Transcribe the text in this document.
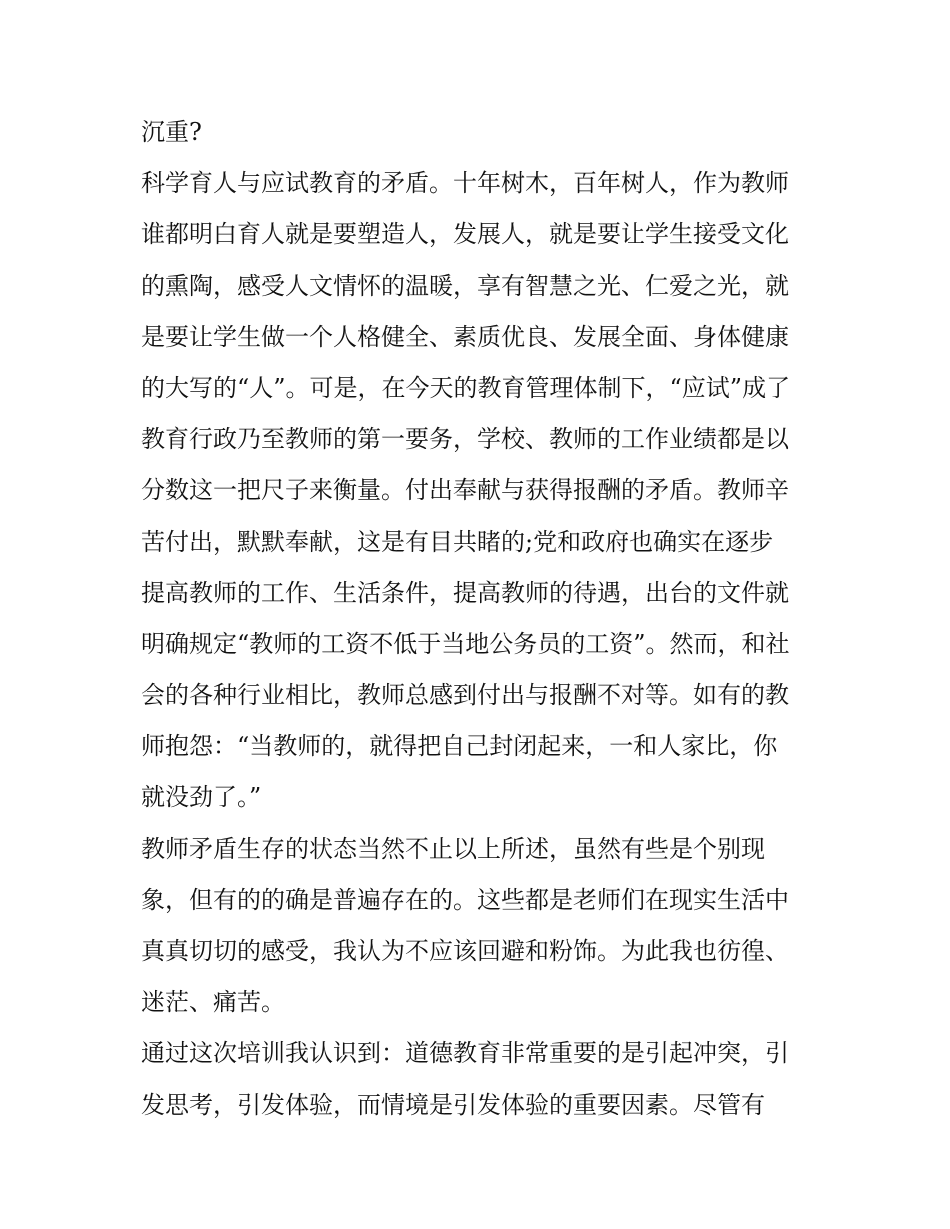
沉重?
科学育人与应试教育的矛盾。十年树木，百年树人，作为教师
谁都明白育人就是要塑造人，发展人，就是要让学生接受文化
的熏陶，感受人文情怀的温暖，享有智慧之光、仁爱之光，就
是要让学生做一个人格健全、素质优良、发展全面、身体健康
的大写的“人”。可是，在今天的教育管理体制下，“应试”成了
教育行政乃至教师的第一要务，学校、教师的工作业绩都是以
分数这一把尺子来衡量。付出奉献与获得报酬的矛盾。教师辛
苦付出，默默奉献，这是有目共睹的;党和政府也确实在逐步
提高教师的工作、生活条件，提高教师的待遇，出台的文件就
明确规定“教师的工资不低于当地公务员的工资”。然而，和社
会的各种行业相比，教师总感到付出与报酬不对等。如有的教
师抱怨：“当教师的，就得把自己封闭起来，一和人家比，你
就没劲了。”
教师矛盾生存的状态当然不止以上所述，虽然有些是个别现
象，但有的的确是普遍存在的。这些都是老师们在现实生活中
真真切切的感受，我认为不应该回避和粉饰。为此我也彷徨、
迷茫、痛苦。
通过这次培训我认识到：道德教育非常重要的是引起冲突，引
发思考，引发体验，而情境是引发体验的重要因素。尽管有
